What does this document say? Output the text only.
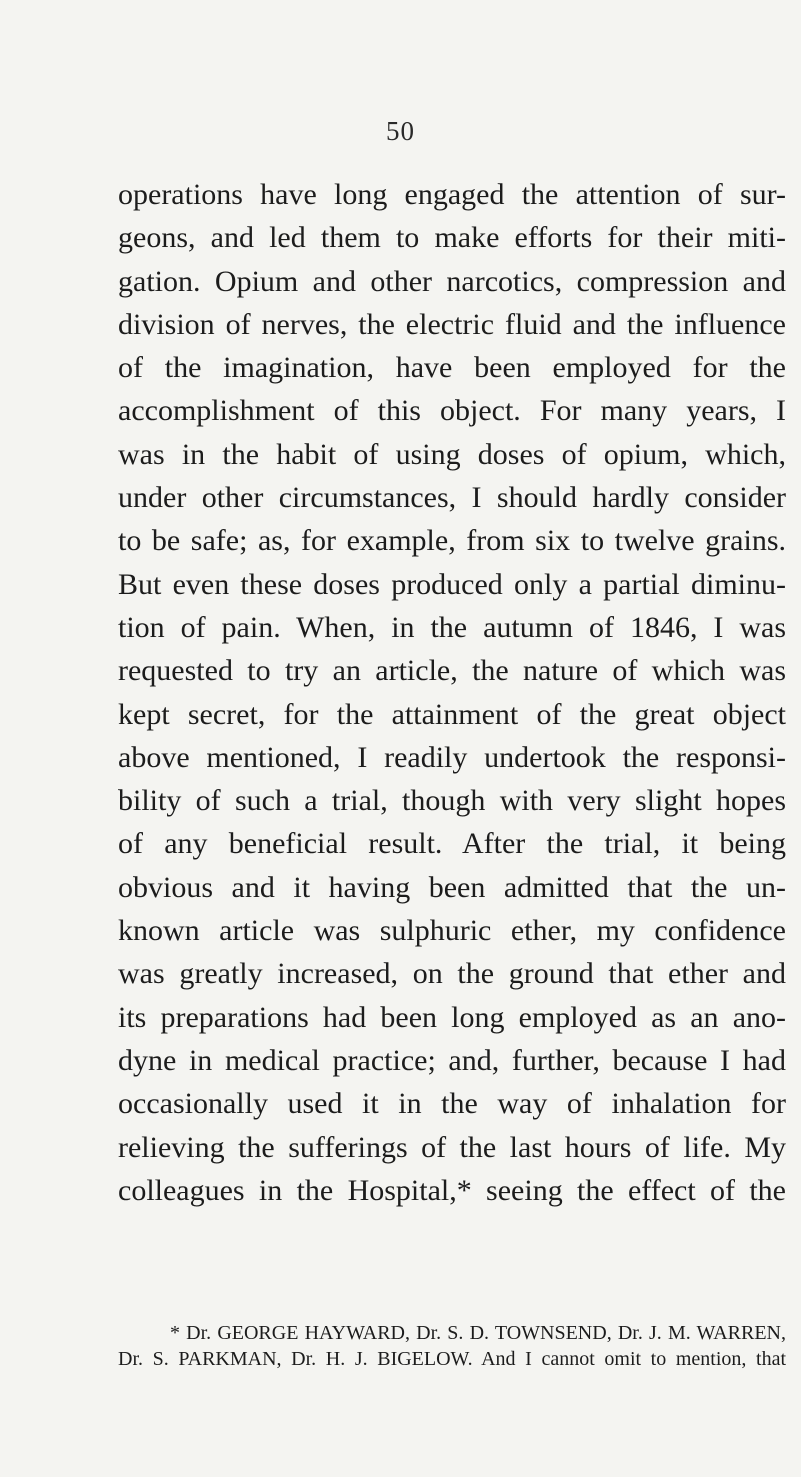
50
operations have long engaged the attention of sur-
geons, and led them to make efforts for their miti-
gation. Opium and other narcotics, compression and
division of nerves, the electric fluid and the influence
of the imagination, have been employed for the
accomplishment of this object. For many years, I
was in the habit of using doses of opium, which,
under other circumstances, I should hardly consider
to be safe; as, for example, from six to twelve grains.
But even these doses produced only a partial diminu-
tion of pain. When, in the autumn of 1846, I was
requested to try an article, the nature of which was
kept secret, for the attainment of the great object
above mentioned, I readily undertook the responsi-
bility of such a trial, though with very slight hopes
of any beneficial result. After the trial, it being
obvious and it having been admitted that the un-
known article was sulphuric ether, my confidence
was greatly increased, on the ground that ether and
its preparations had been long employed as an ano-
dyne in medical practice; and, further, because I had
occasionally used it in the way of inhalation for
relieving the sufferings of the last hours of life. My
colleagues in the Hospital,* seeing the effect of the
* Dr. GEORGE HAYWARD, Dr. S. D. TOWNSEND, Dr. J. M. WARREN,
Dr. S. PARKMAN, Dr. H. J. BIGELOW. And I cannot omit to mention, that
